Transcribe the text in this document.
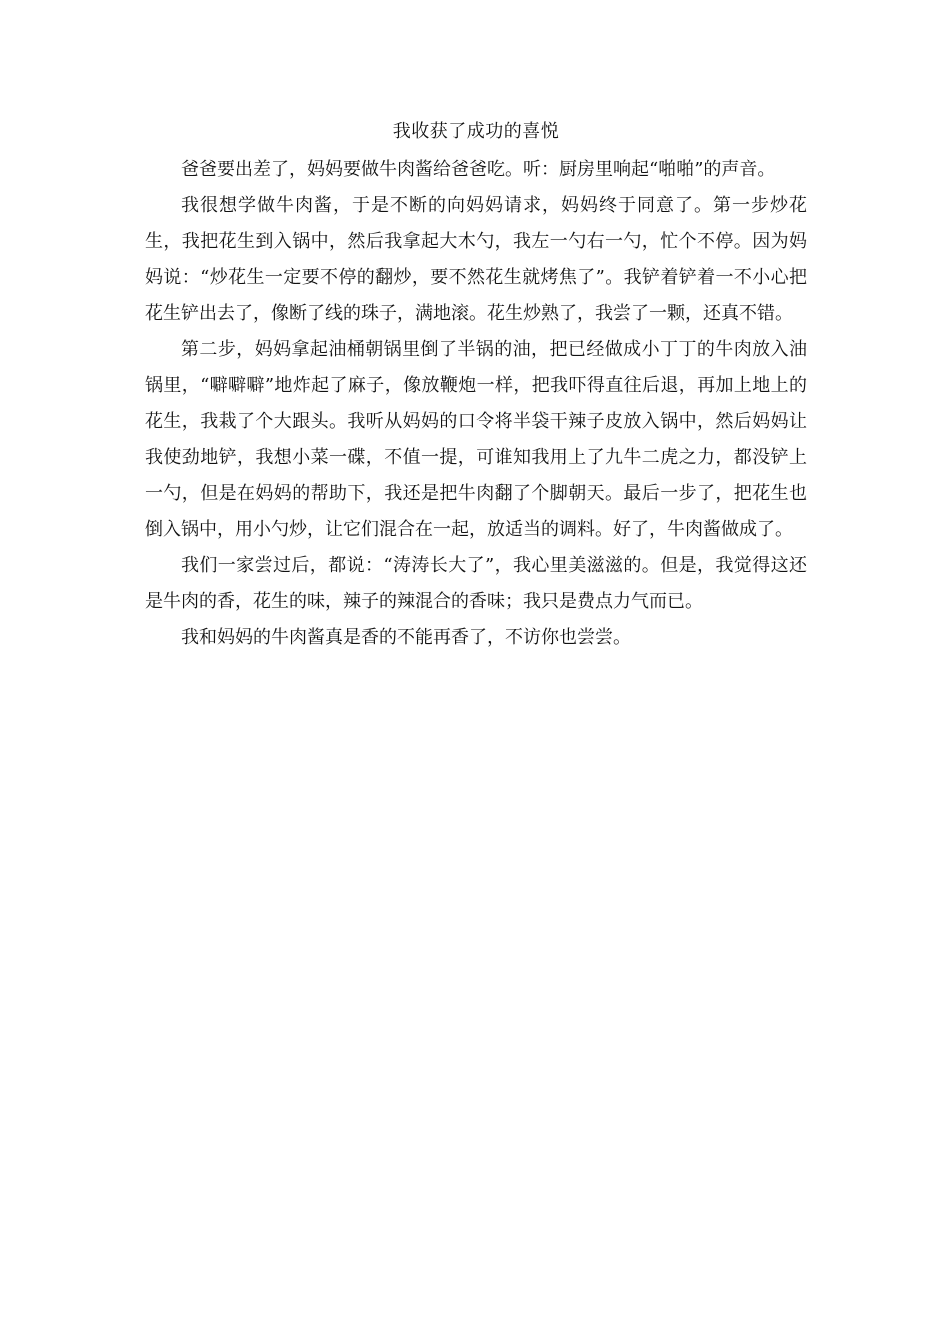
我收获了成功的喜悦

爸爸要出差了，妈妈要做牛肉酱给爸爸吃。听：厨房里响起“啪啪”的声音。

我很想学做牛肉酱，于是不断的向妈妈请求，妈妈终于同意了。第一步炒花生，我把花生到入锅中，然后我拿起大木勺，我左一勺右一勺，忙个不停。因为妈妈说：“炒花生一定要不停的翻炒，要不然花生就烤焦了”。我铲着铲着一不小心把花生铲出去了，像断了线的珠子，满地滚。花生炒熟了，我尝了一颗，还真不错。

第二步，妈妈拿起油桶朝锅里倒了半锅的油，把已经做成小丁丁的牛肉放入油锅里，“噼噼噼”地炸起了麻子，像放鞭炮一样，把我吓得直往后退，再加上地上的花生，我栽了个大跟头。我听从妈妈的口令将半袋干辣子皮放入锅中，然后妈妈让我使劲地铲，我想小菜一碟，不值一提，可谁知我用上了九牛二虎之力，都没铲上一勺，但是在妈妈的帮助下，我还是把牛肉翻了个脚朝天。最后一步了，把花生也倒入锅中，用小勺炒，让它们混合在一起，放适当的调料。好了，牛肉酱做成了。

我们一家尝过后，都说：“涛涛长大了”，我心里美滋滋的。但是，我觉得这还是牛肉的香，花生的味，辣子的辣混合的香味；我只是费点力气而已。

我和妈妈的牛肉酱真是香的不能再香了，不访你也尝尝。
